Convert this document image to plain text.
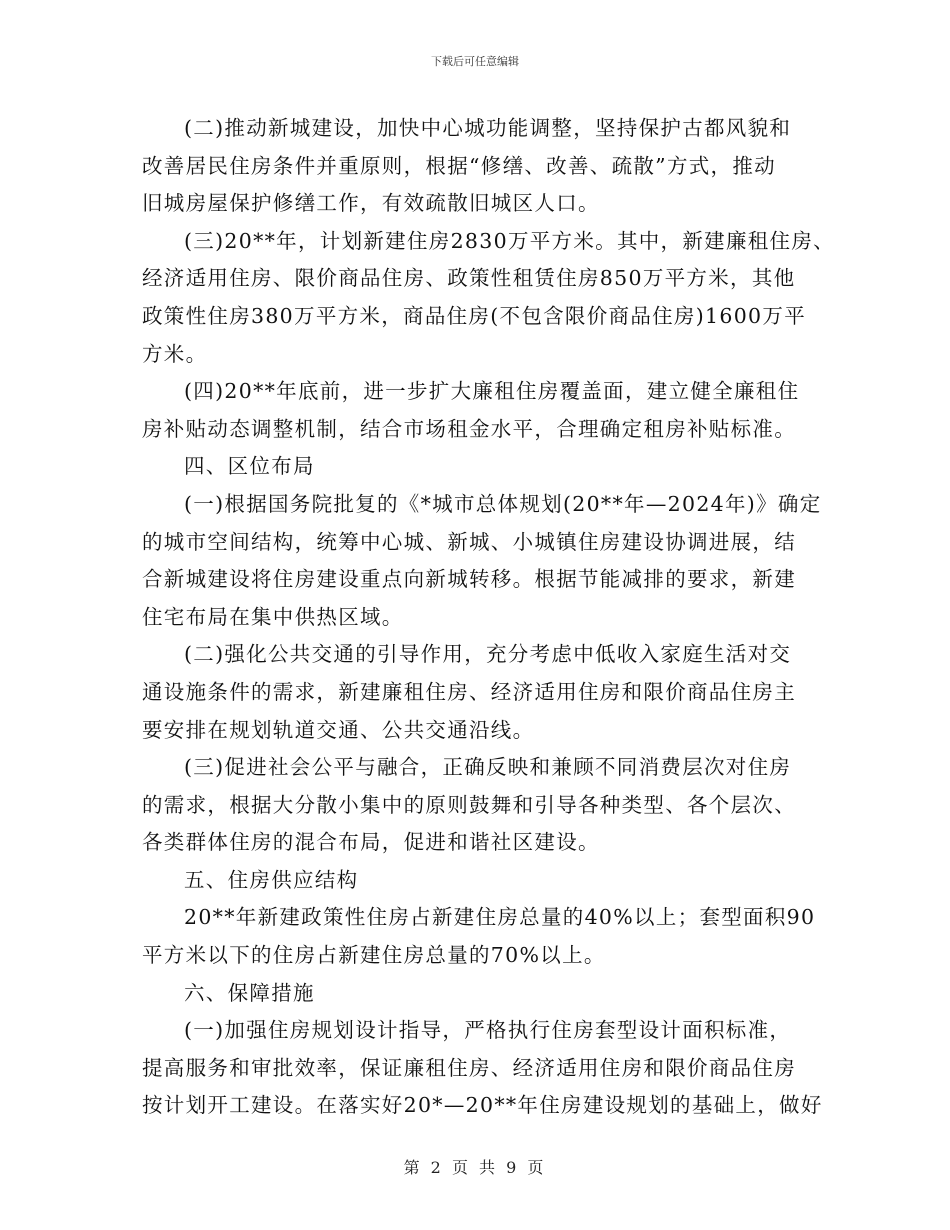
下载后可任意编辑
(二)推动新城建设，加快中心城功能调整，坚持保护古都风貌和
改善居民住房条件并重原则，根据“修缮、改善、疏散”方式，推动
旧城房屋保护修缮工作，有效疏散旧城区人口。
(三)20**年，计划新建住房2830万平方米。其中，新建廉租住房、
经济适用住房、限价商品住房、政策性租赁住房850万平方米，其他
政策性住房380万平方米，商品住房(不包含限价商品住房)1600万平
方米。
(四)20**年底前，进一步扩大廉租住房覆盖面，建立健全廉租住
房补贴动态调整机制，结合市场租金水平，合理确定租房补贴标准。
四、区位布局
(一)根据国务院批复的《*城市总体规划(20**年—2024年)》确定
的城市空间结构，统筹中心城、新城、小城镇住房建设协调进展，结
合新城建设将住房建设重点向新城转移。根据节能减排的要求，新建
住宅布局在集中供热区域。
(二)强化公共交通的引导作用，充分考虑中低收入家庭生活对交
通设施条件的需求，新建廉租住房、经济适用住房和限价商品住房主
要安排在规划轨道交通、公共交通沿线。
(三)促进社会公平与融合，正确反映和兼顾不同消费层次对住房
的需求，根据大分散小集中的原则鼓舞和引导各种类型、各个层次、
各类群体住房的混合布局，促进和谐社区建设。
五、住房供应结构
20**年新建政策性住房占新建住房总量的40%以上；套型面积90
平方米以下的住房占新建住房总量的70%以上。
六、保障措施
(一)加强住房规划设计指导，严格执行住房套型设计面积标准，
提高服务和审批效率，保证廉租住房、经济适用住房和限价商品住房
按计划开工建设。在落实好20*—20**年住房建设规划的基础上，做好
第 2 页 共 9 页
